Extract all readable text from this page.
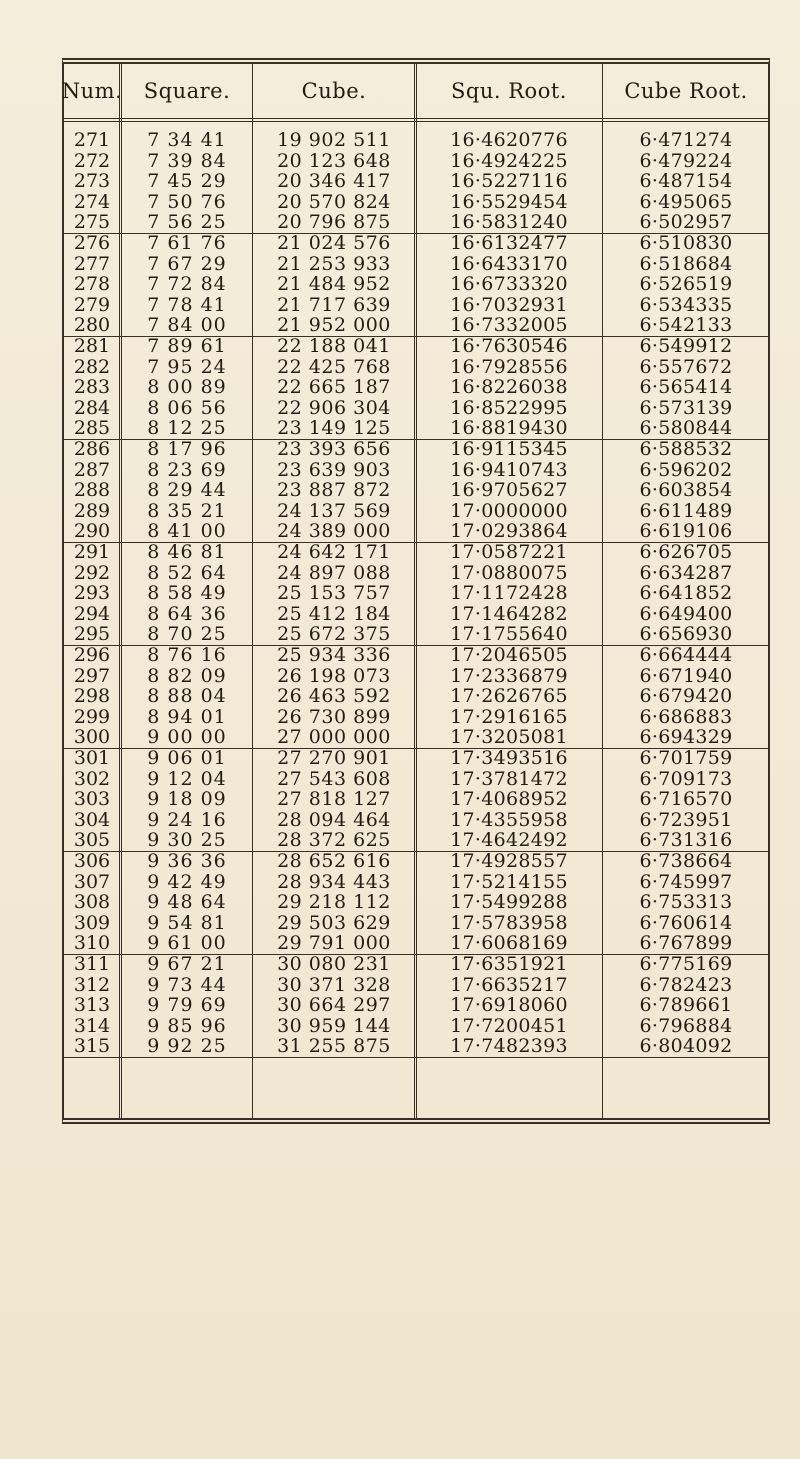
Num.	Square.	Cube.	Squ. Root.	Cube Root.
271	7 34 41	19 902 511	16·4620776	6·471274
272	7 39 84	20 123 648	16·4924225	6·479224
273	7 45 29	20 346 417	16·5227116	6·487154
274	7 50 76	20 570 824	16·5529454	6·495065
275	7 56 25	20 796 875	16·5831240	6·502957
276	7 61 76	21 024 576	16·6132477	6·510830
277	7 67 29	21 253 933	16·6433170	6·518684
278	7 72 84	21 484 952	16·6733320	6·526519
279	7 78 41	21 717 639	16·7032931	6·534335
280	7 84 00	21 952 000	16·7332005	6·542133
281	7 89 61	22 188 041	16·7630546	6·549912
282	7 95 24	22 425 768	16·7928556	6·557672
283	8 00 89	22 665 187	16·8226038	6·565414
284	8 06 56	22 906 304	16·8522995	6·573139
285	8 12 25	23 149 125	16·8819430	6·580844
286	8 17 96	23 393 656	16·9115345	6·588532
287	8 23 69	23 639 903	16·9410743	6·596202
288	8 29 44	23 887 872	16·9705627	6·603854
289	8 35 21	24 137 569	17·0000000	6·611489
290	8 41 00	24 389 000	17·0293864	6·619106
291	8 46 81	24 642 171	17·0587221	6·626705
292	8 52 64	24 897 088	17·0880075	6·634287
293	8 58 49	25 153 757	17·1172428	6·641852
294	8 64 36	25 412 184	17·1464282	6·649400
295	8 70 25	25 672 375	17·1755640	6·656930
296	8 76 16	25 934 336	17·2046505	6·664444
297	8 82 09	26 198 073	17·2336879	6·671940
298	8 88 04	26 463 592	17·2626765	6·679420
299	8 94 01	26 730 899	17·2916165	6·686883
300	9 00 00	27 000 000	17·3205081	6·694329
301	9 06 01	27 270 901	17·3493516	6·701759
302	9 12 04	27 543 608	17·3781472	6·709173
303	9 18 09	27 818 127	17·4068952	6·716570
304	9 24 16	28 094 464	17·4355958	6·723951
305	9 30 25	28 372 625	17·4642492	6·731316
306	9 36 36	28 652 616	17·4928557	6·738664
307	9 42 49	28 934 443	17·5214155	6·745997
308	9 48 64	29 218 112	17·5499288	6·753313
309	9 54 81	29 503 629	17·5783958	6·760614
310	9 61 00	29 791 000	17·6068169	6·767899
311	9 67 21	30 080 231	17·6351921	6·775169
312	9 73 44	30 371 328	17·6635217	6·782423
313	9 79 69	30 664 297	17·6918060	6·789661
314	9 85 96	30 959 144	17·7200451	6·796884
315	9 92 25	31 255 875	17·7482393	6·804092
